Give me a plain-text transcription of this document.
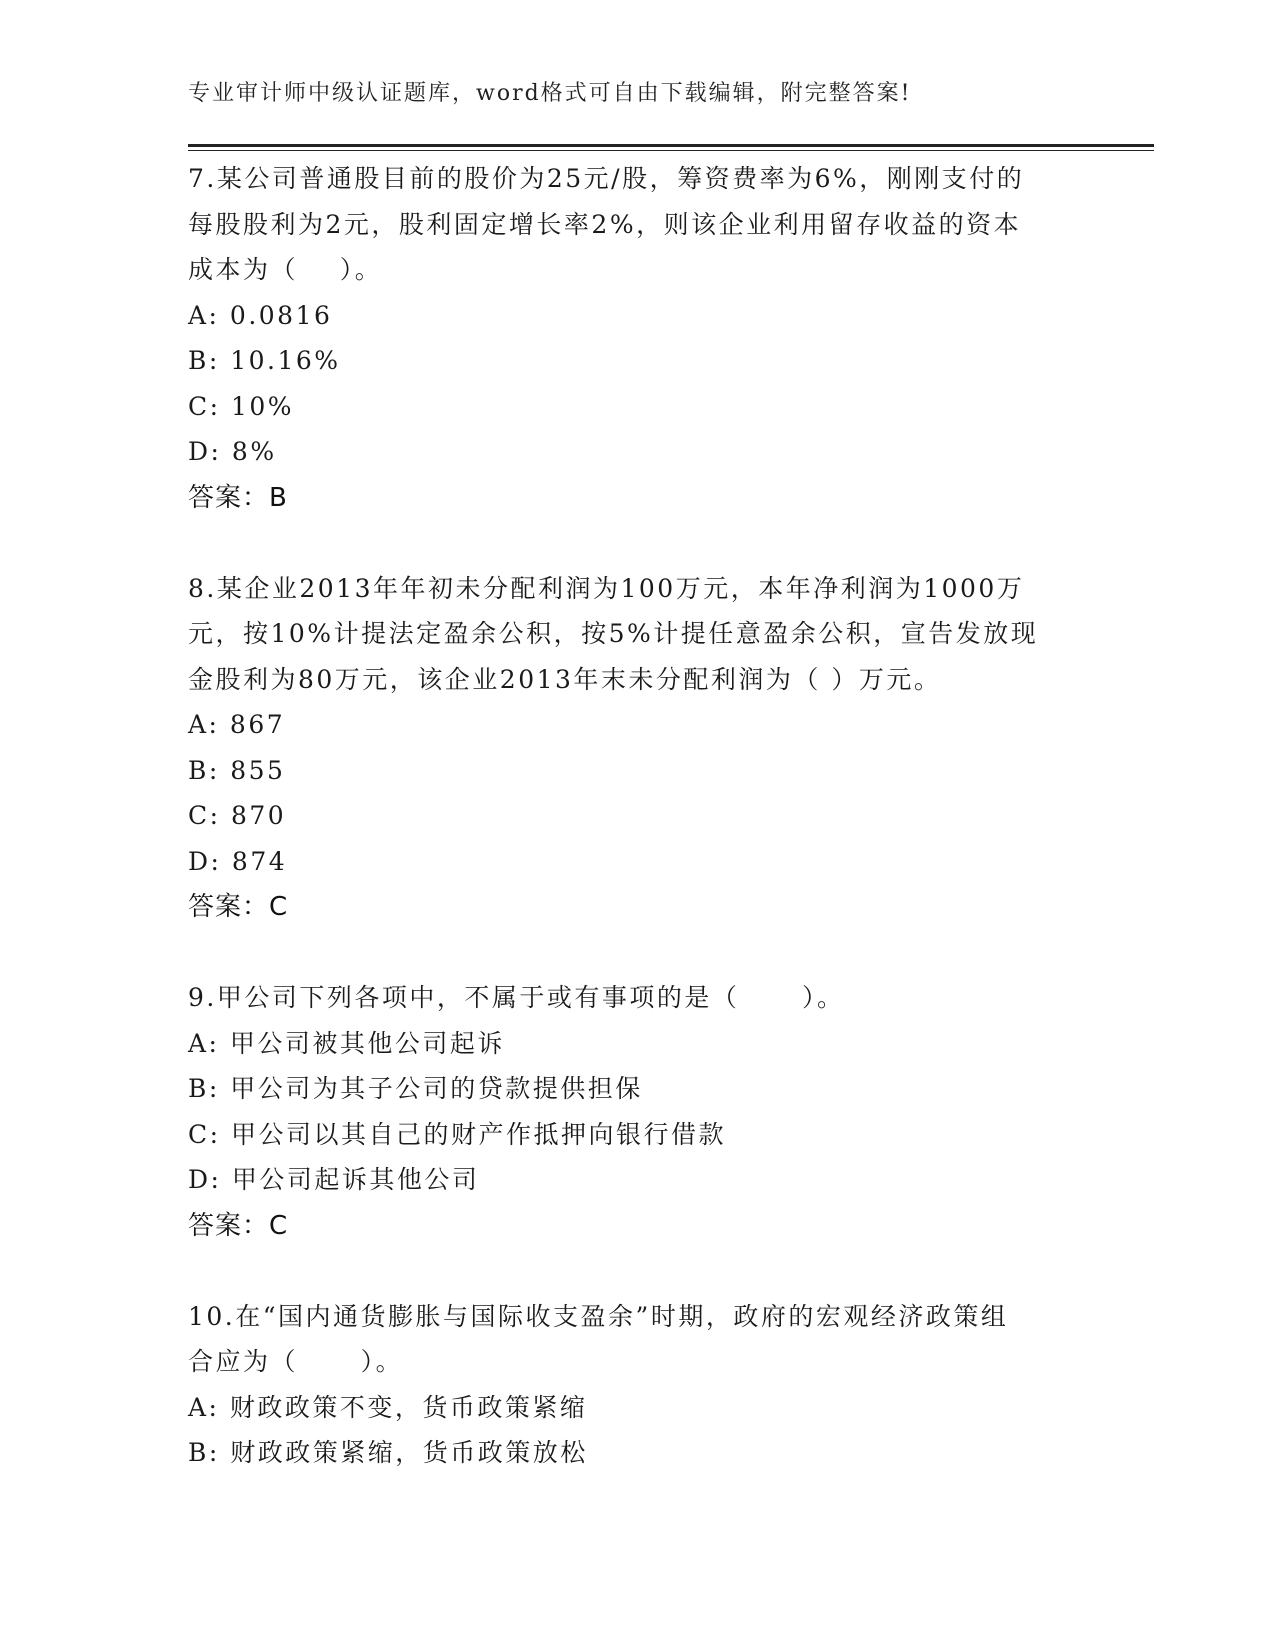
专业审计师中级认证题库，word格式可自由下载编辑，附完整答案!
7.某公司普通股目前的股价为25元/股，筹资费率为6%，刚刚支付的
每股股利为2元，股利固定增长率2%，则该企业利用留存收益的资本
成本为（    ）。
A: 0.0816
B: 10.16%
C: 10%
D: 8%
答案：B
8.某企业2013年年初未分配利润为100万元，本年净利润为1000万
元，按10%计提法定盈余公积，按5%计提任意盈余公积，宣告发放现
金股利为80万元，该企业2013年末未分配利润为（ ）万元。
A: 867
B: 855
C: 870
D: 874
答案：C
9.甲公司下列各项中，不属于或有事项的是（      ）。
A: 甲公司被其他公司起诉
B: 甲公司为其子公司的贷款提供担保
C: 甲公司以其自己的财产作抵押向银行借款
D: 甲公司起诉其他公司
答案：C
10.在“国内通货膨胀与国际收支盈余”时期，政府的宏观经济政策组
合应为（      ）。
A: 财政政策不变，货币政策紧缩
B: 财政政策紧缩，货币政策放松
